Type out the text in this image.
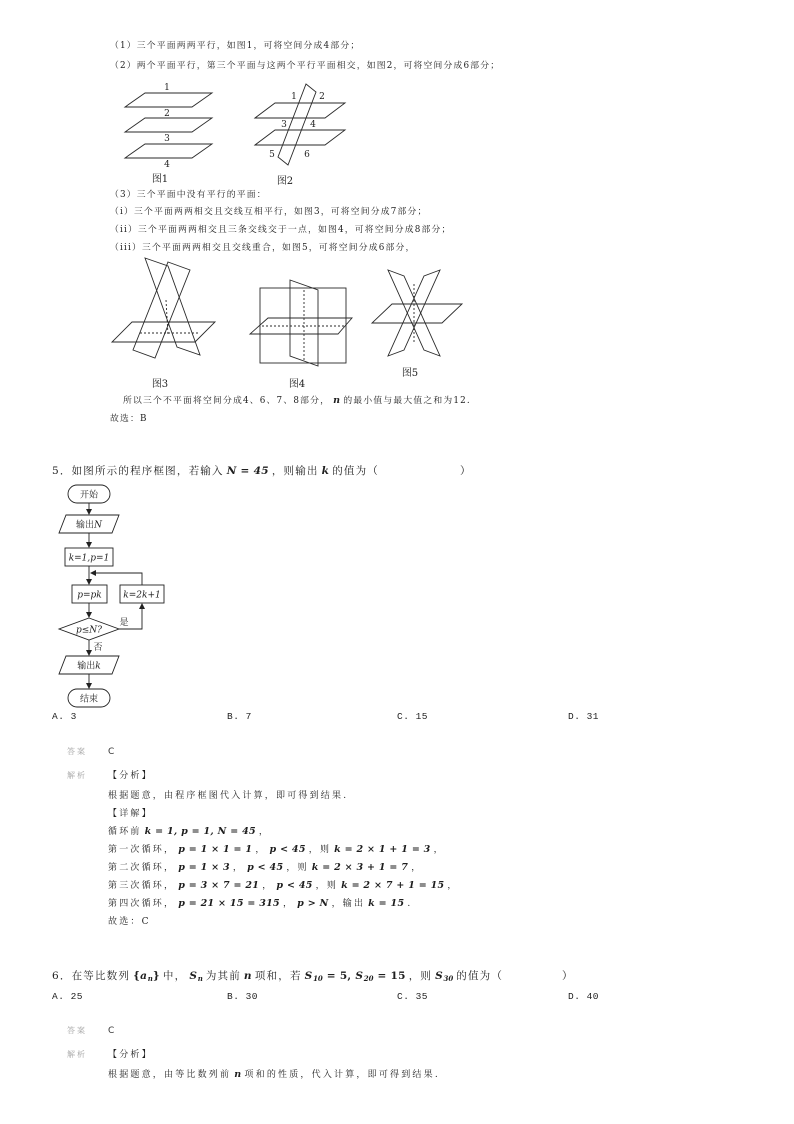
（1）三个平面两两平行，如图1，可将空间分成4部分；
（2）两个平面平行，第三个平面与这两个平行平面相交，如图2，可将空间分成6部分；
（3）三个平面中没有平行的平面：
（i）三个平面两两相交且交线互相平行，如图3，可将空间分成7部分；
（ii）三个平面两两相交且三条交线交于一点，如图4，可将空间分成8部分；
（iii）三个平面两两相交且交线重合，如图5，可将空间分成6部分，
所以三个不平面将空间分成4、6、7、8部分， n 的最小值与最大值之和为12.
故选：B
5．如图所示的程序框图，若输入 N = 45 ，则输出 k 的值为（	）
A. 3	B. 7	C. 15	D. 31
答案 C
解析 【分析】
根据题意，由程序框图代入计算，即可得到结果.
【详解】
循环前 k = 1, p = 1, N = 45 ，
第一次循环， p = 1 × 1 = 1 ， p < 45 ，则 k = 2 × 1 + 1 = 3 ，
第二次循环， p = 1 × 3 ， p < 45 ，则 k = 2 × 3 + 1 = 7 ，
第三次循环， p = 3 × 7 = 21 ， p < 45 ，则 k = 2 × 7 + 1 = 15 ，
第四次循环， p = 21 × 15 = 315 ， p > N ，输出 k = 15 .
故选：C
6．在等比数列 {an} 中， Sn 为其前 n 项和，若 S10 = 5, S20 = 15 ，则 S30 的值为（	）
A. 25	B. 30	C. 35	D. 40
答案 C
解析 【分析】
根据题意，由等比数列前 n 项和的性质，代入计算，即可得到结果.
1
2
3
4
图1
1 2
3	4
5	6
图2
图3	图4
图5
开始
输出N
k=1,p=1
p=pk k=2k+1
p≤N?
是
否
输出k
结束
